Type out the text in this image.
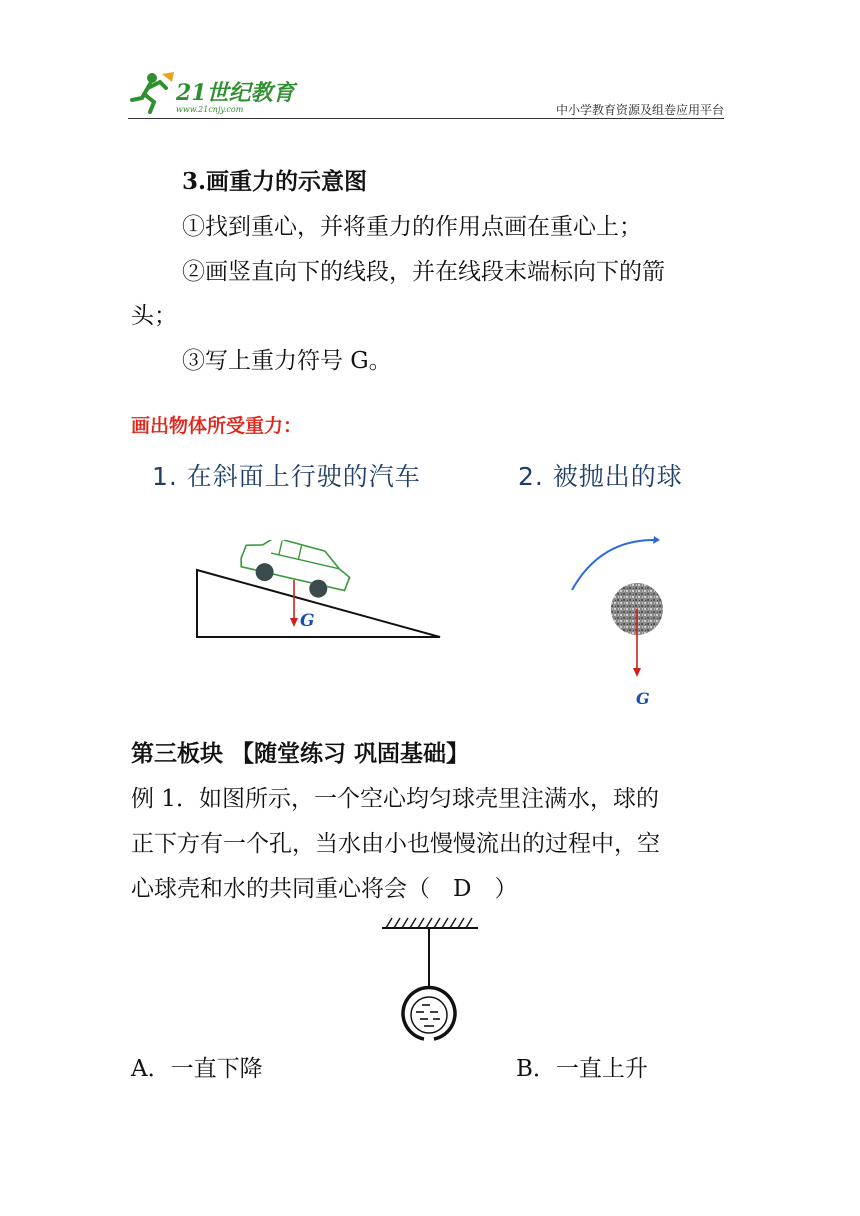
21世纪教育
www.21cnjy.com	中小学教育资源及组卷应用平台
3.画重力的示意图
①找到重心，并将重力的作用点画在重心上；
②画竖直向下的线段，并在线段末端标向下的箭
头；
③写上重力符号 G。
画出物体所受重力：
1. 在斜面上行驶的汽车	2. 被抛出的球
G
G
第三板块 【随堂练习 巩固基础】
例 1．如图所示，一个空心均匀球壳里注满水，球的
正下方有一个孔，当水由小也慢慢流出的过程中，空
心球壳和水的共同重心将会（　D　）
A．一直下降	B．一直上升
